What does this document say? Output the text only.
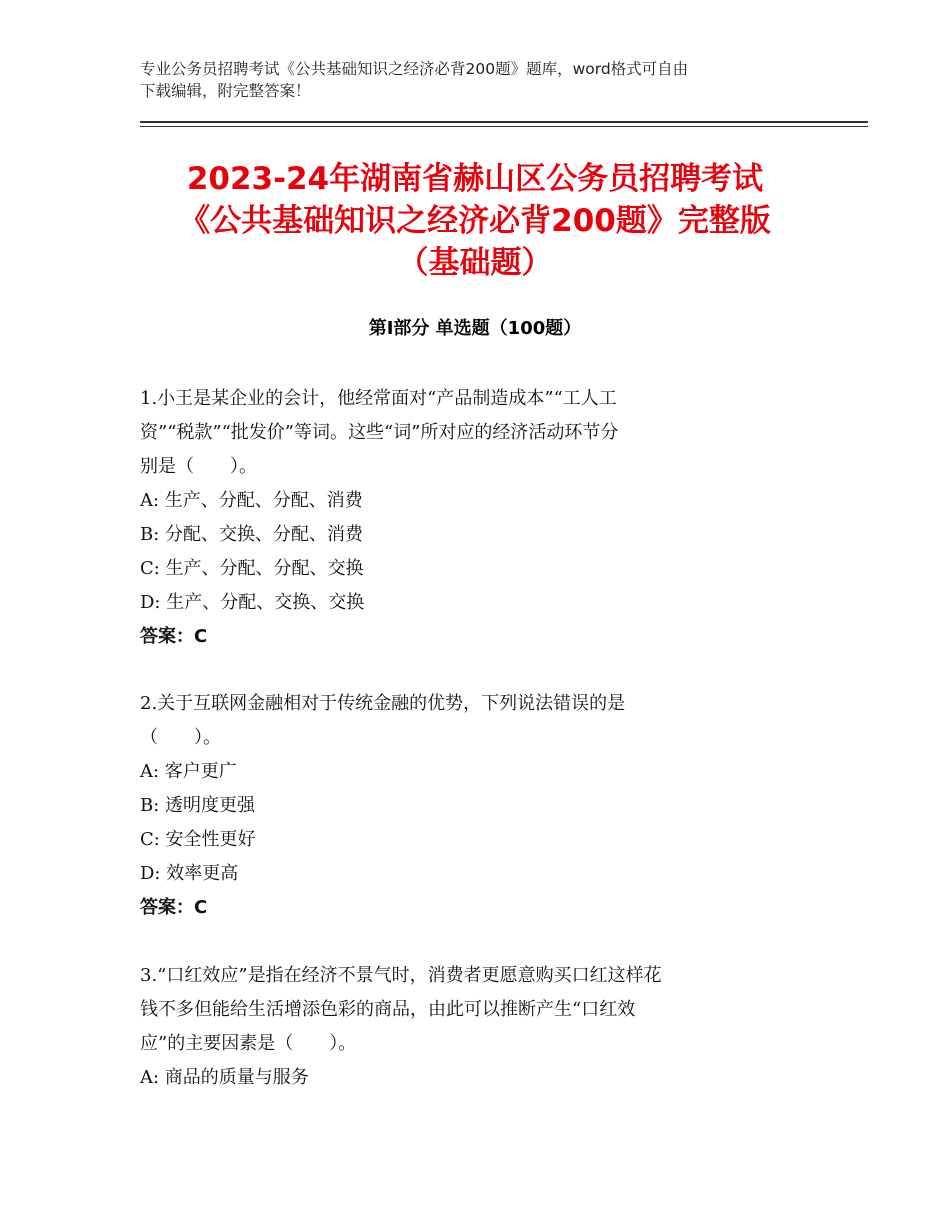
专业公务员招聘考试《公共基础知识之经济必背200题》题库，word格式可自由
下载编辑，附完整答案！
2023-24年湖南省赫山区公务员招聘考试
《公共基础知识之经济必背200题》完整版
（基础题）
第Ⅰ部分 单选题（100题）
1.小王是某企业的会计，他经常面对“产品制造成本”“工人工
资”“税款”“批发价”等词。这些“词”所对应的经济活动环节分
别是（　　）。
A: 生产、分配、分配、消费
B: 分配、交换、分配、消费
C: 生产、分配、分配、交换
D: 生产、分配、交换、交换
答案：C
2.关于互联网金融相对于传统金融的优势，下列说法错误的是
（　　）。
A: 客户更广
B: 透明度更强
C: 安全性更好
D: 效率更高
答案：C
3.“口红效应”是指在经济不景气时，消费者更愿意购买口红这样花
钱不多但能给生活增添色彩的商品，由此可以推断产生“口红效
应”的主要因素是（　　）。
A: 商品的质量与服务
